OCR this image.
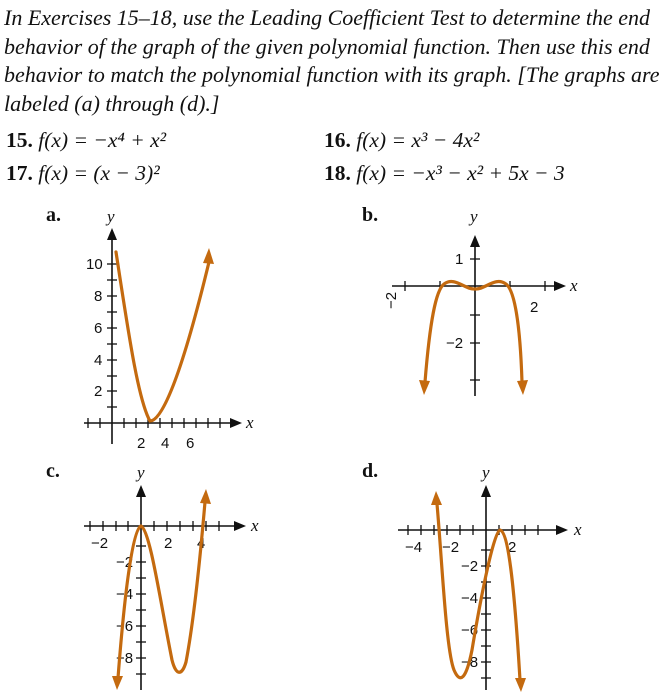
In Exercises 15–18, use the Leading Coefficient Test to determine the end behavior of the graph of the given polynomial function. Then use this end behavior to match the polynomial function with its graph. [The graphs are labeled (a) through (d).]

15. f(x) = −x⁴ + x²	16. f(x) = x³ − 4x²
17. f(x) = (x − 3)²	18. f(x) = −x³ − x² + 5x − 3
a.	b.
c.	d.
y
x
2 4 6
10
8
6
4
2
y
x
−2	2
1
−2
y
x
−2	2 4
−2
−4
−6
−8
y
x
−4 −2	2
−2
−4
−6
−8
